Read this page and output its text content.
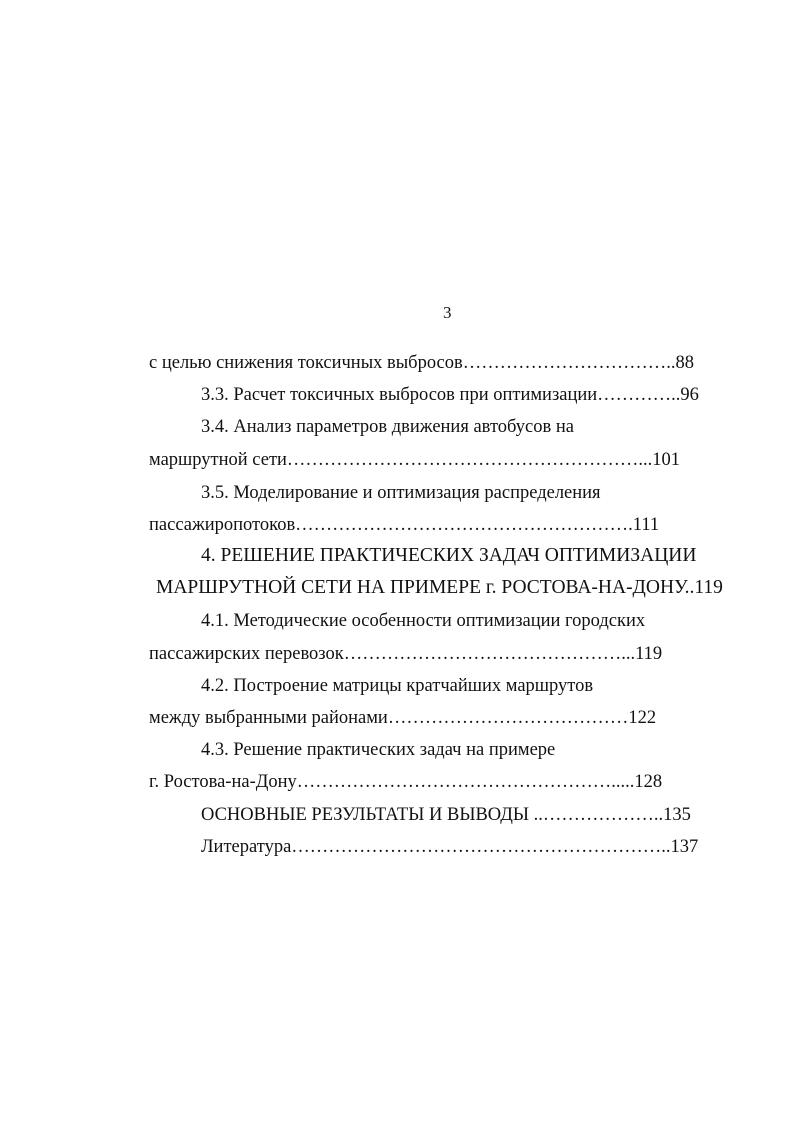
3
с целью снижения токсичных выбросов……………………………..88
3.3. Расчет токсичных выбросов при оптимизации…………..96
3.4. Анализ параметров движения автобусов на
маршрутной сети…………………………………………………...101
3.5. Моделирование и оптимизация распределения
пассажиропотоков……………………………………………….111
4. РЕШЕНИЕ ПРАКТИЧЕСКИХ ЗАДАЧ ОПТИМИЗАЦИИ
МАРШРУТНОЙ СЕТИ НА ПРИМЕРЕ г. РОСТОВА-НА-ДОНУ..119
4.1. Методические особенности оптимизации городских
пассажирских перевозок………………………………………...119
4.2. Построение матрицы кратчайших маршрутов
между выбранными районами…………………………………122
4.3. Решение практических задач на примере
г. Ростова-на-Дону…………………………………………….....128
ОСНОВНЫЕ РЕЗУЛЬТАТЫ И ВЫВОДЫ ..………………..135
Литература……………………………………………………..137
